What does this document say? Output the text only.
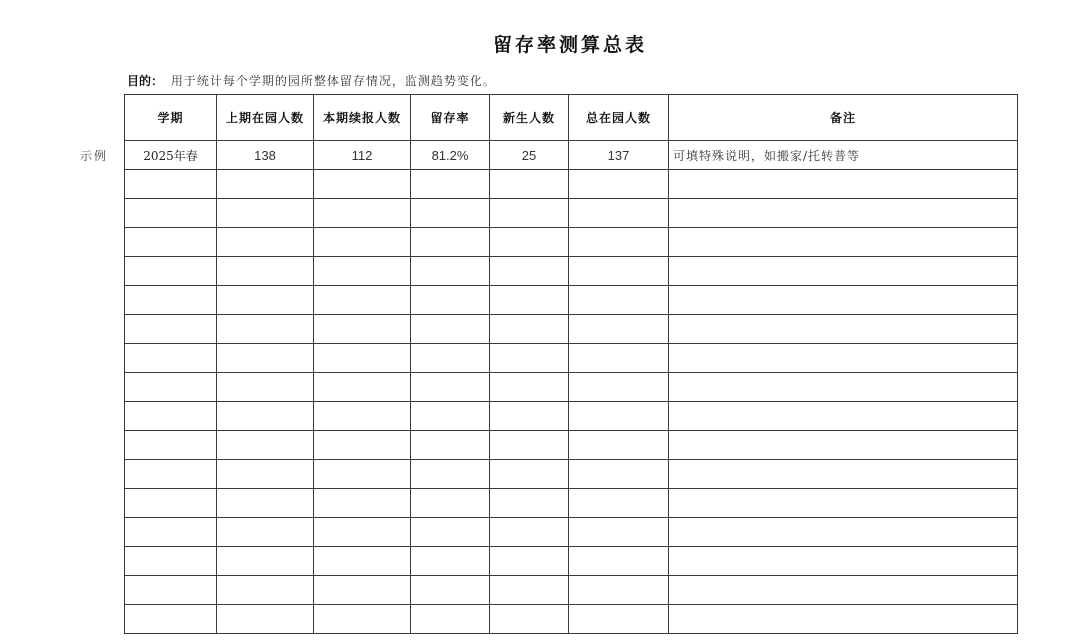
留存率测算总表
目的： 用于统计每个学期的园所整体留存情况，监测趋势变化。
示例
学期	上期在园人数	本期续报人数	留存率	新生人数	总在园人数	备注
2025年春	138	112	81.2%	25	137	可填特殊说明，如搬家/托转普等
